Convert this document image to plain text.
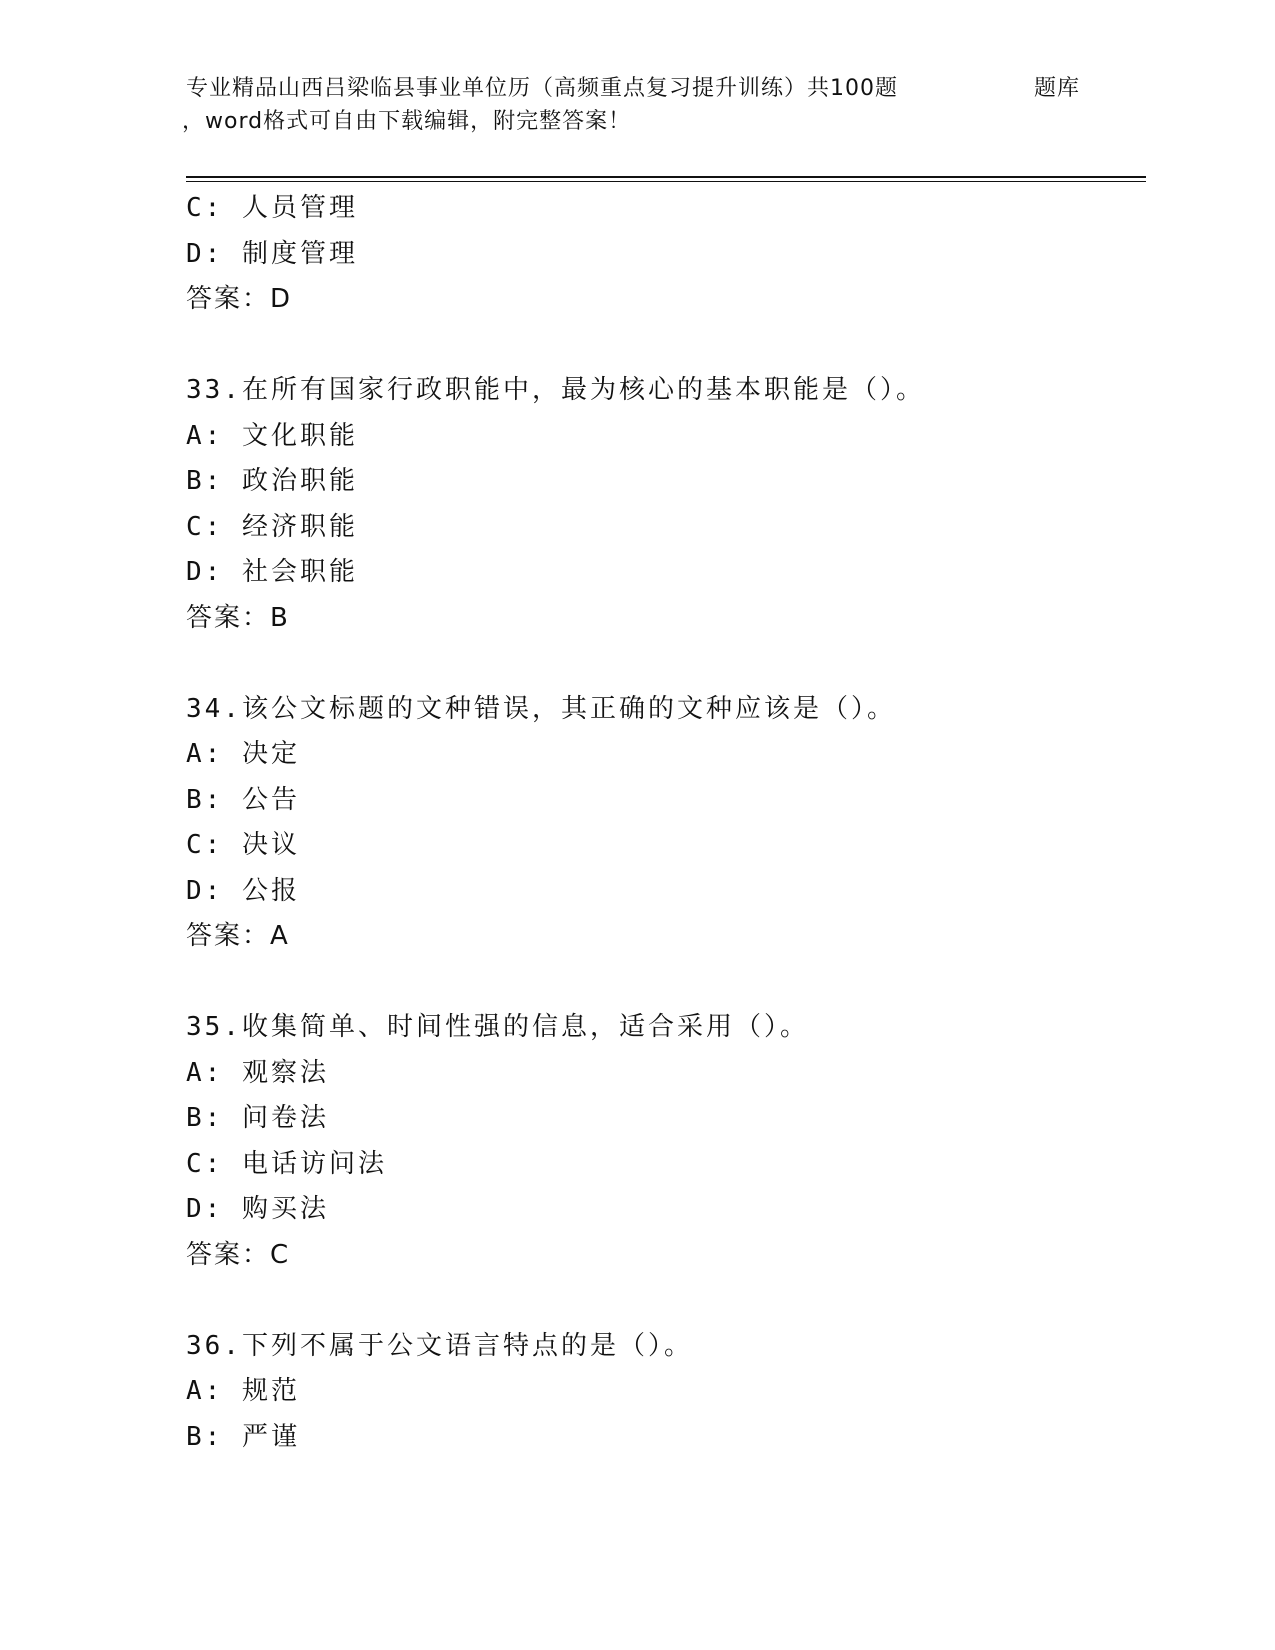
专业精品山西吕梁临县事业单位历（高频重点复习提升训练）共100题	题库
，word格式可自由下载编辑，附完整答案！
C: 人员管理
D: 制度管理
答案：D
33.在所有国家行政职能中，最为核心的基本职能是（）。
A: 文化职能
B: 政治职能
C: 经济职能
D: 社会职能
答案：B
34.该公文标题的文种错误，其正确的文种应该是（）。
A: 决定
B: 公告
C: 决议
D: 公报
答案：A
35.收集简单、时间性强的信息，适合采用（）。
A: 观察法
B: 问卷法
C: 电话访问法
D: 购买法
答案：C
36.下列不属于公文语言特点的是（）。
A: 规范
B: 严谨
